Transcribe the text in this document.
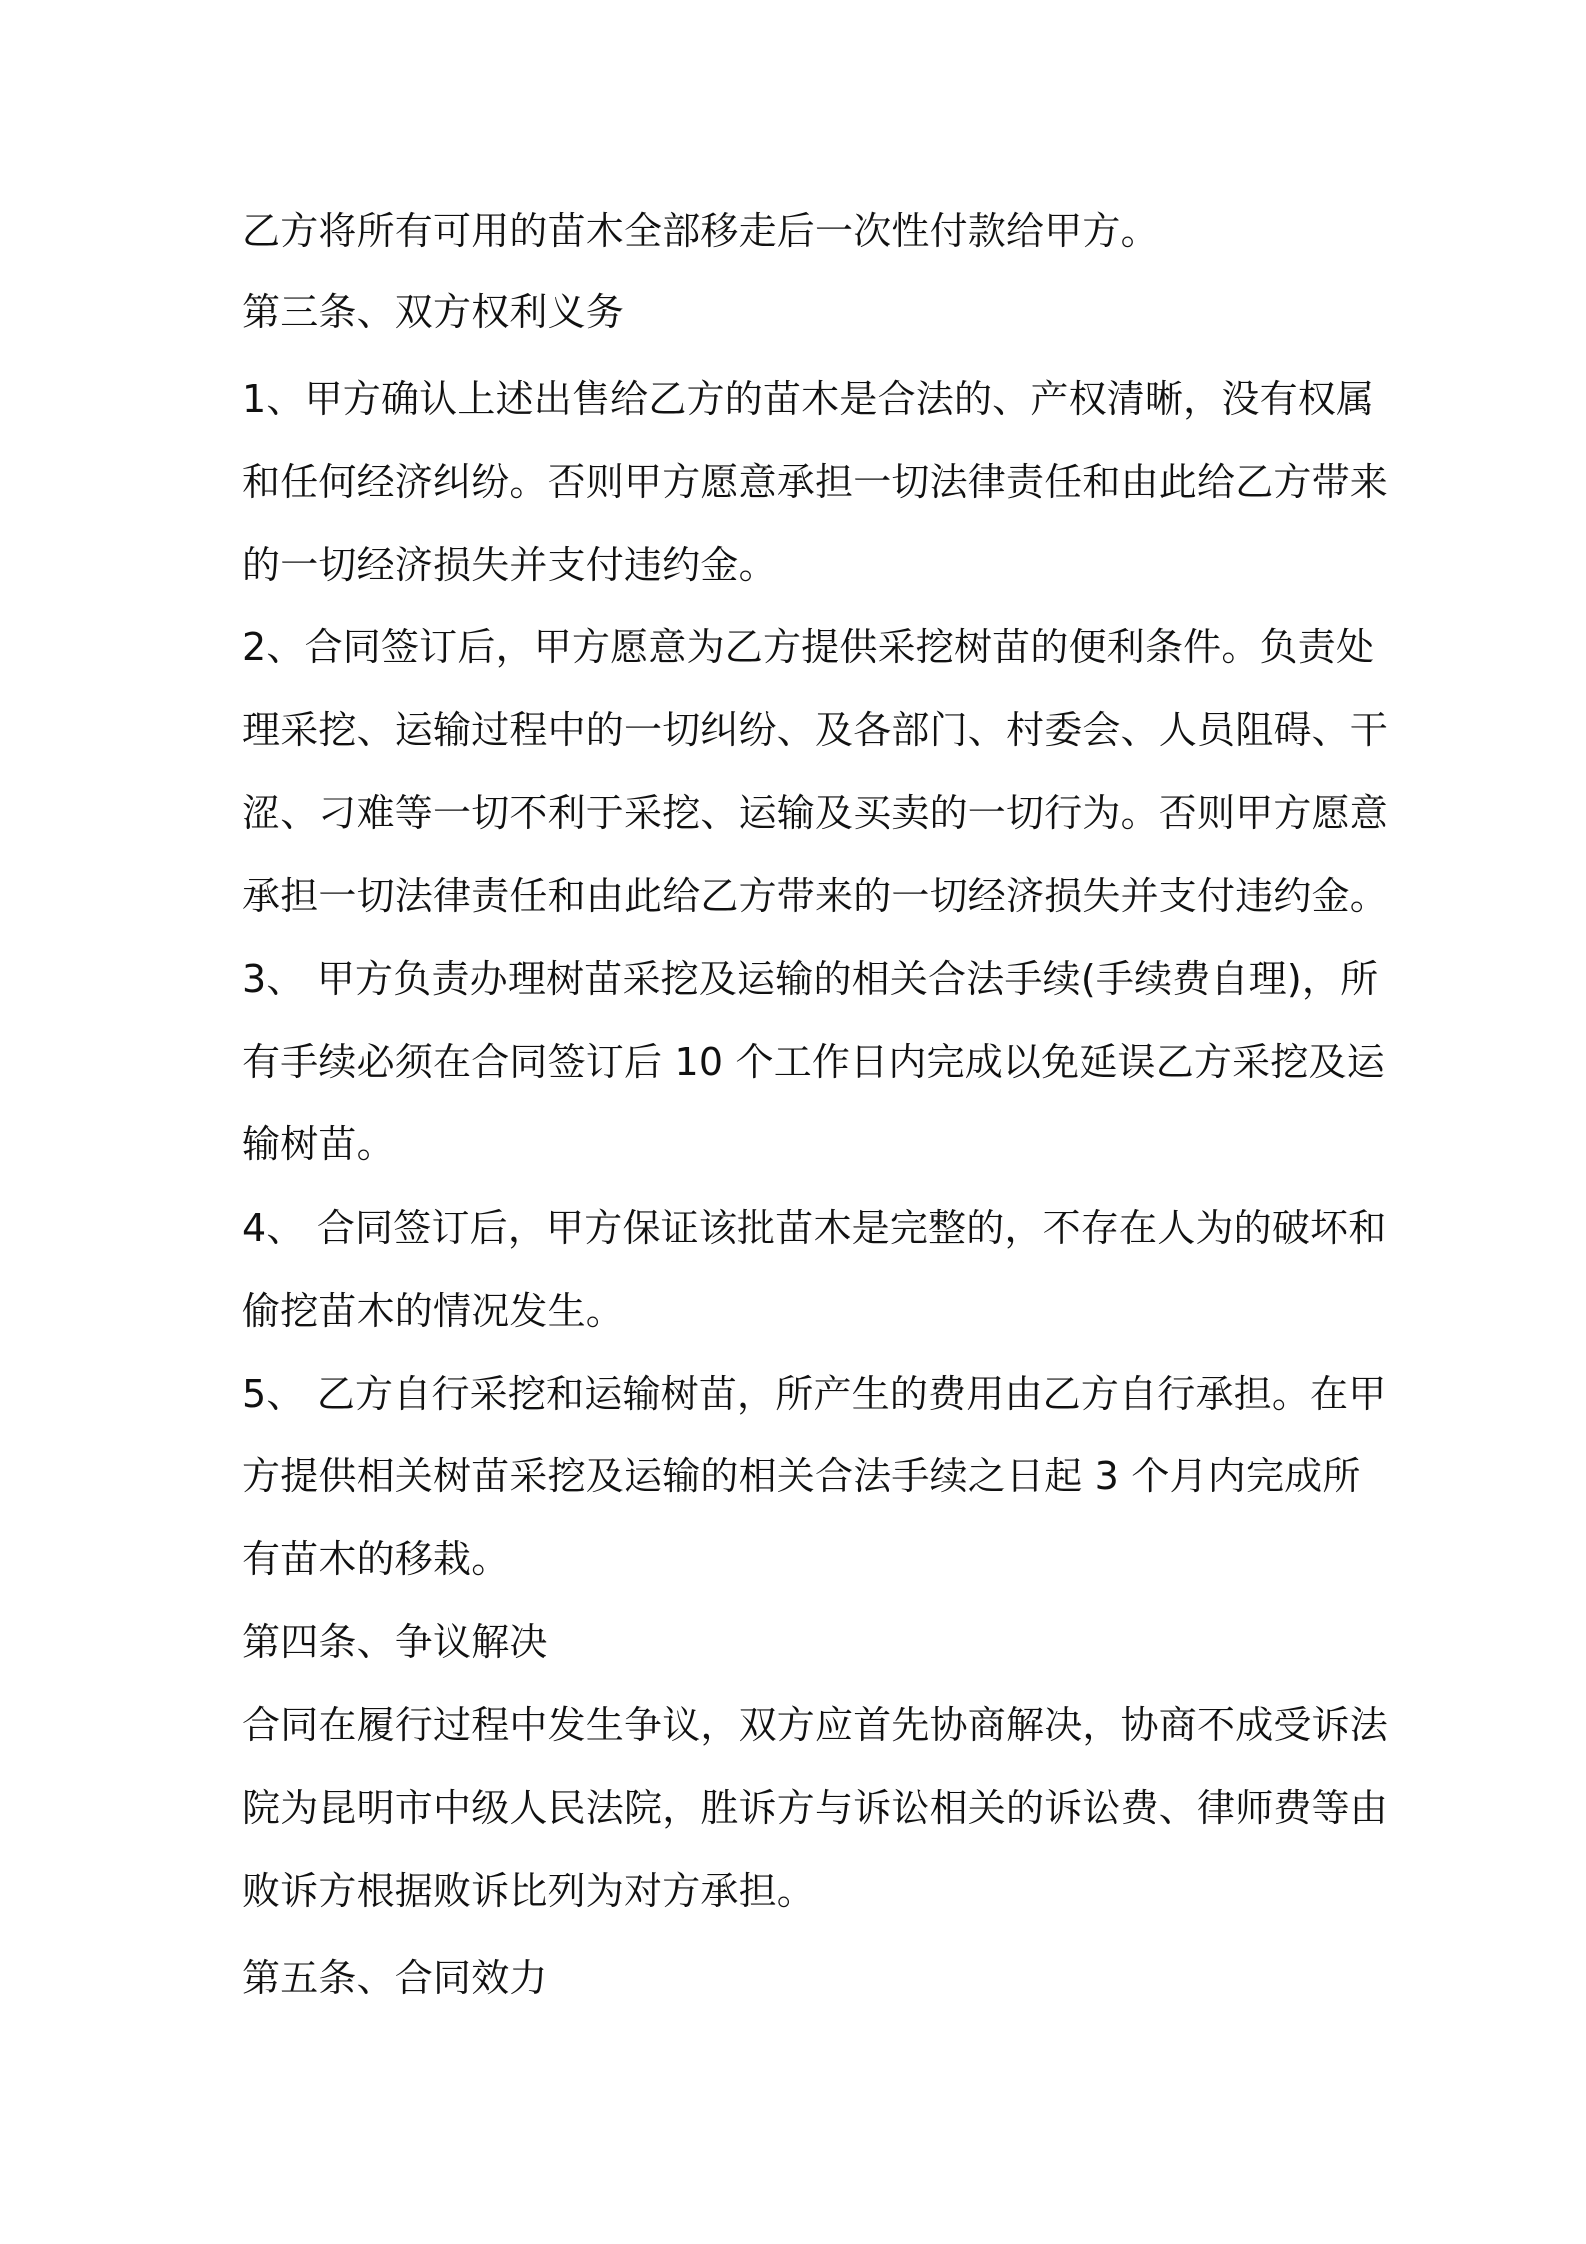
乙方将所有可用的苗木全部移走后一次性付款给甲方。
第三条、双方权利义务
1、甲方确认上述出售给乙方的苗木是合法的、产权清晰，没有权属
和任何经济纠纷。否则甲方愿意承担一切法律责任和由此给乙方带来
的一切经济损失并支付违约金。
2、合同签订后，甲方愿意为乙方提供采挖树苗的便利条件。负责处
理采挖、运输过程中的一切纠纷、及各部门、村委会、人员阻碍、干
涩、刁难等一切不利于采挖、运输及买卖的一切行为。否则甲方愿意
承担一切法律责任和由此给乙方带来的一切经济损失并支付违约金。
3、 甲方负责办理树苗采挖及运输的相关合法手续(手续费自理)，所
有手续必须在合同签订后 10 个工作日内完成以免延误乙方采挖及运
输树苗。
4、 合同签订后，甲方保证该批苗木是完整的，不存在人为的破坏和
偷挖苗木的情况发生。
5、 乙方自行采挖和运输树苗，所产生的费用由乙方自行承担。在甲
方提供相关树苗采挖及运输的相关合法手续之日起 3 个月内完成所
有苗木的移栽。
第四条、争议解决
合同在履行过程中发生争议，双方应首先协商解决，协商不成受诉法
院为昆明市中级人民法院，胜诉方与诉讼相关的诉讼费、律师费等由
败诉方根据败诉比列为对方承担。
第五条、合同效力
